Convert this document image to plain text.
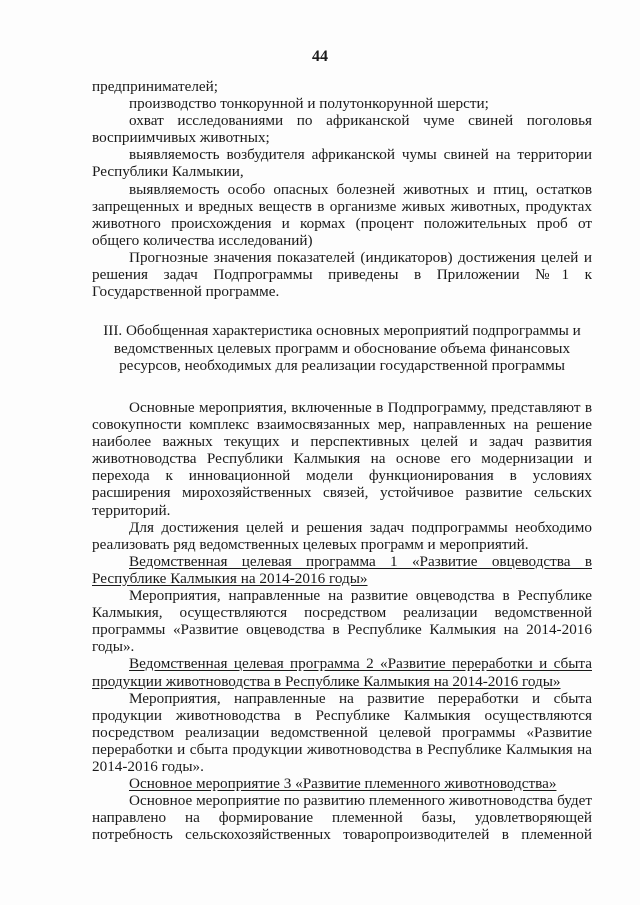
44
предпринимателей;
производство тонкорунной и полутонкорунной шерсти;
охват исследованиями по африканской чуме свиней поголовья
восприимчивых животных;
выявляемость возбудителя африканской чумы свиней на территории
Республики Калмыкии,
выявляемость особо опасных болезней животных и птиц, остатков
запрещенных и вредных веществ в организме живых животных, продуктах
животного происхождения и кормах (процент положительных проб от
общего количества исследований)
Прогнозные значения показателей (индикаторов) достижения целей и
решения задач Подпрограммы приведены в Приложении №1 к
Государственной программе.
III. Обобщенная характеристика основных мероприятий подпрограммы и
ведомственных целевых программ и обоснование объема финансовых
ресурсов, необходимых для реализации государственной программы
Основные мероприятия, включенные в Подпрограмму, представляют в
совокупности комплекс взаимосвязанных мер, направленных на решение
наиболее важных текущих и перспективных целей и задач развития
животноводства Республики Калмыкия на основе его модернизации и
перехода к инновационной модели функционирования в условиях
расширения мирохозяйственных связей, устойчивое развитие сельских
территорий.
Для достижения целей и решения задач подпрограммы необходимо
реализовать ряд ведомственных целевых программ и мероприятий.
Ведомственная целевая программа 1 «Развитие овцеводства в
Республике Калмыкия на 2014-2016 годы»
Мероприятия, направленные на развитие овцеводства в Республике
Калмыкия, осуществляются посредством реализации ведомственной
программы «Развитие овцеводства в Республике Калмыкия на 2014-2016
годы».
Ведомственная целевая программа 2 «Развитие переработки и сбыта
продукции животноводства в Республике Калмыкия на 2014-2016 годы»
Мероприятия, направленные на развитие переработки и сбыта
продукции животноводства в Республике Калмыкия осуществляются
посредством реализации ведомственной целевой программы «Развитие
переработки и сбыта продукции животноводства в Республике Калмыкия на
2014-2016 годы».
Основное мероприятие 3 «Развитие племенного животноводства»
Основное мероприятие по развитию племенного животноводства будет
направлено на формирование племенной базы, удовлетворяющей
потребность сельскохозяйственных товаропроизводителей в племенной
